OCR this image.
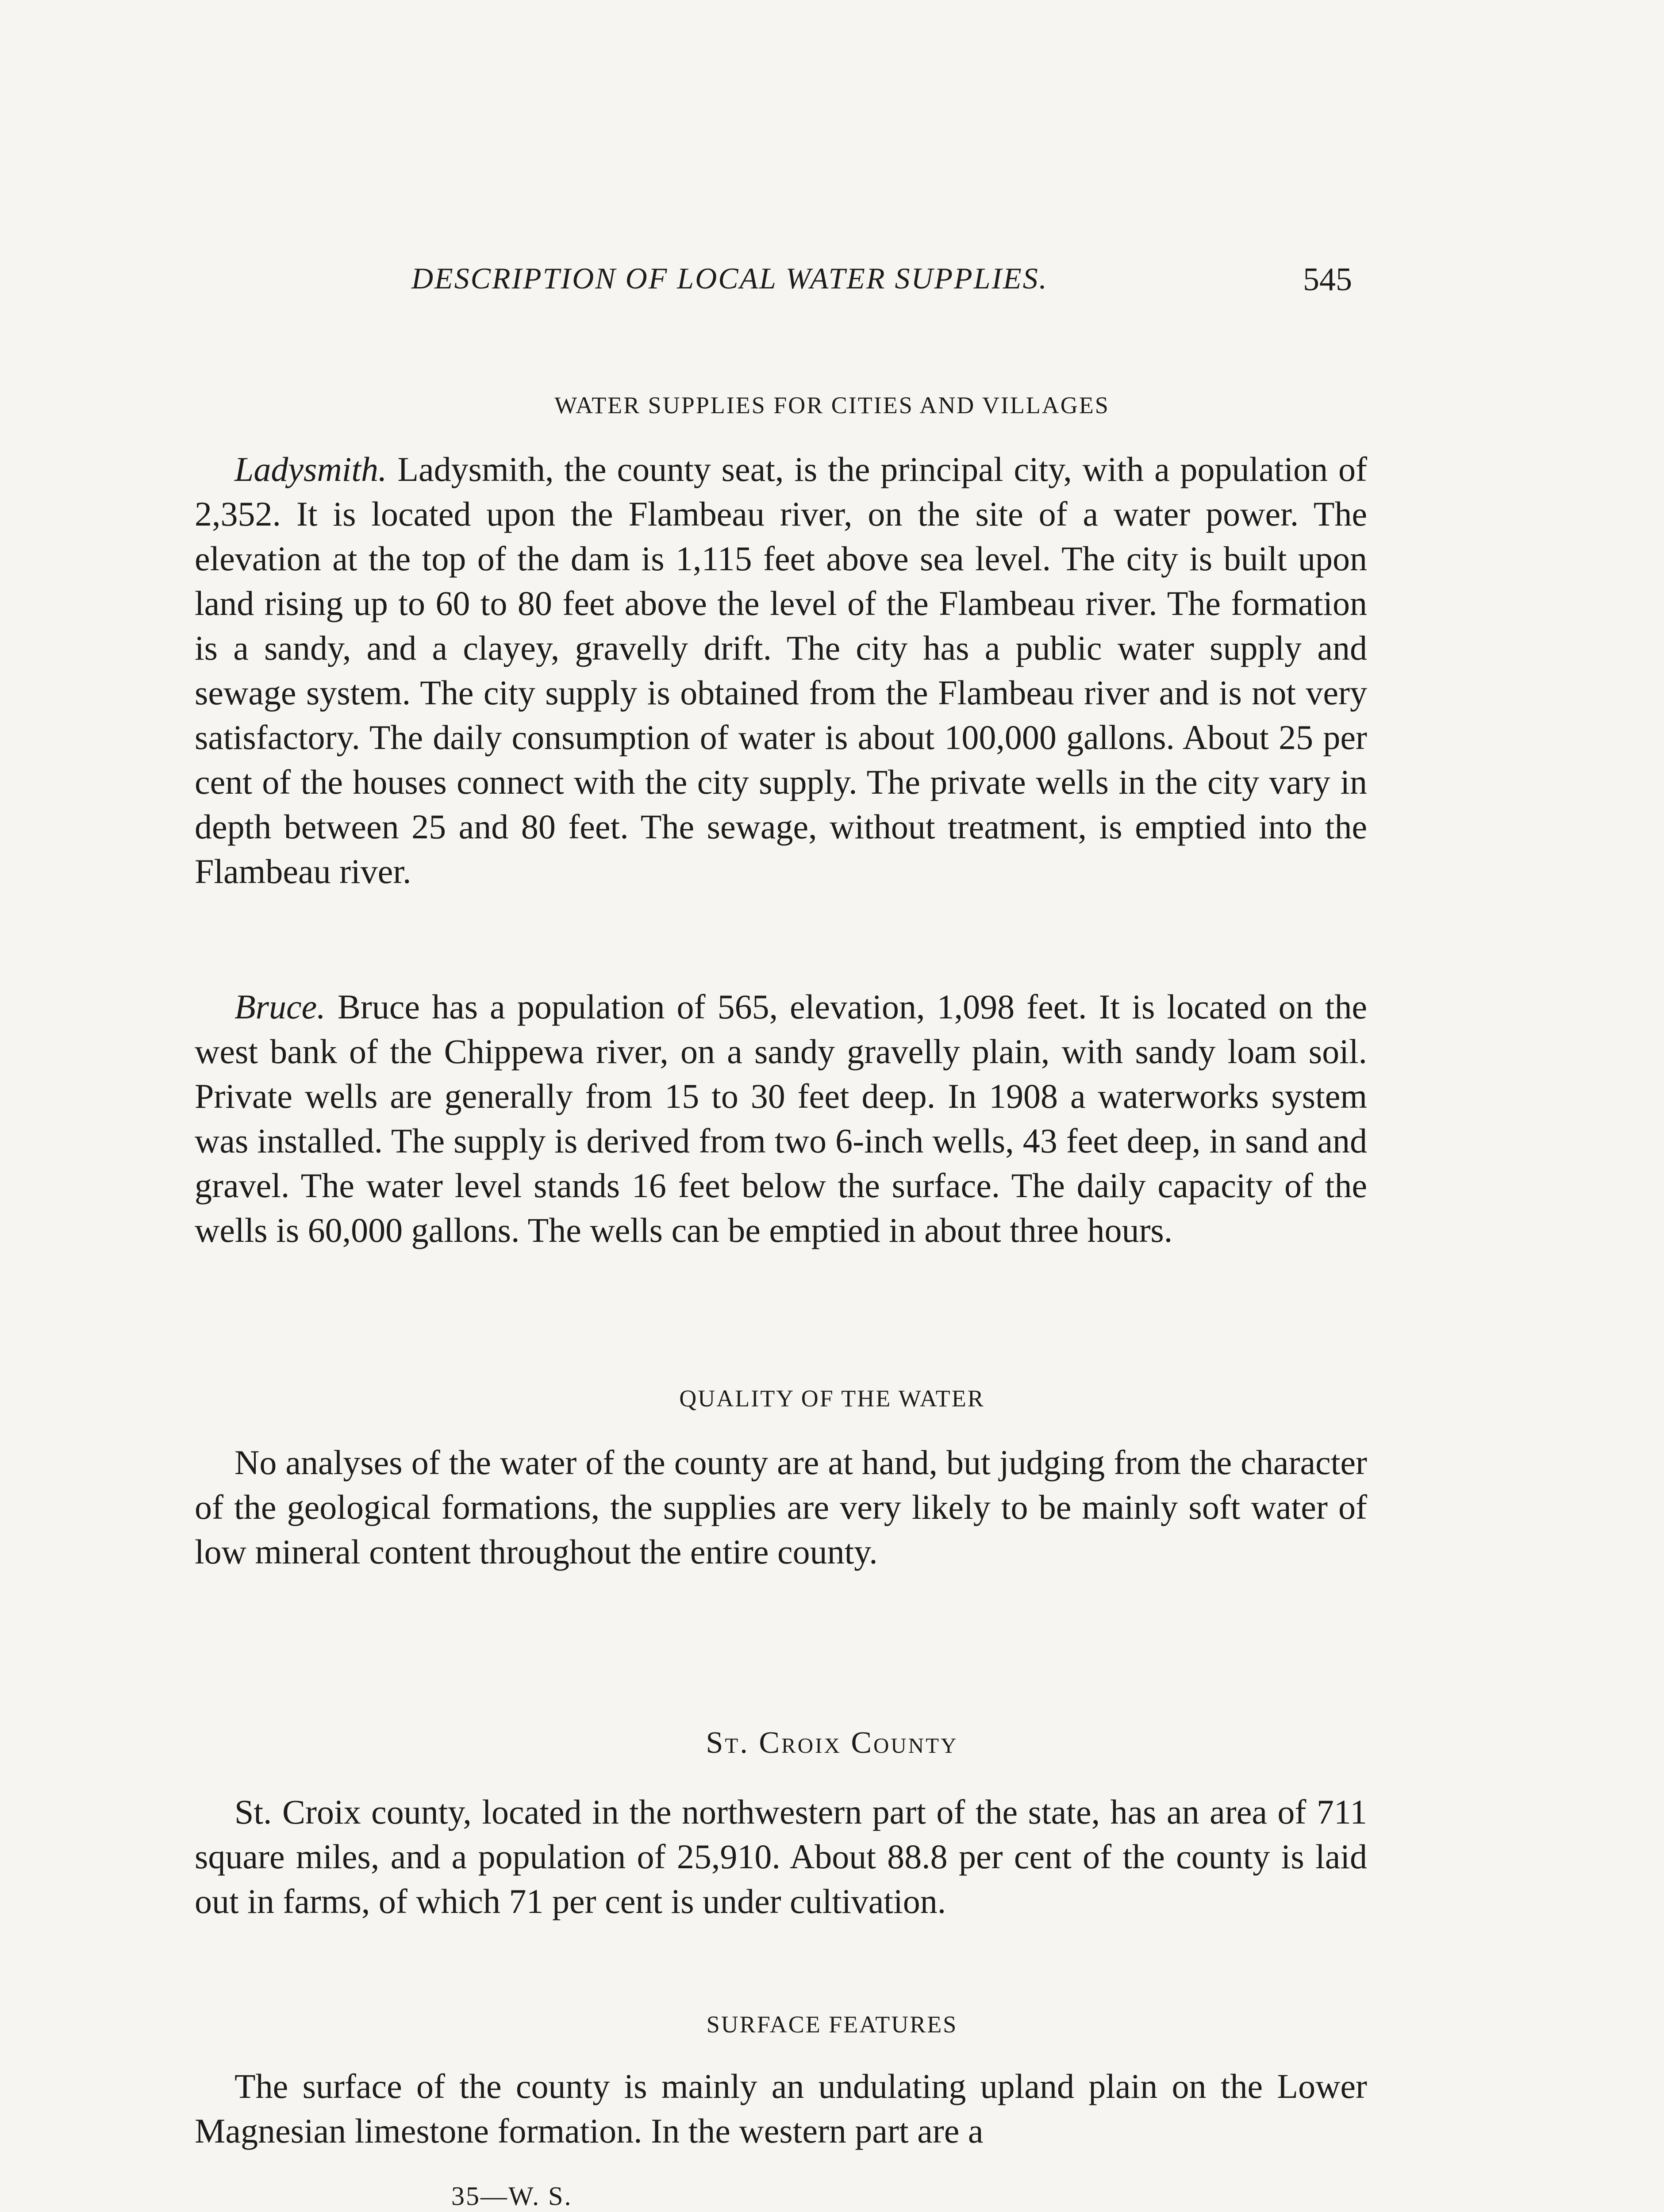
DESCRIPTION OF LOCAL WATER SUPPLIES.	545
WATER SUPPLIES FOR CITIES AND VILLAGES

Ladysmith. Ladysmith, the county seat, is the principal city, with a population of 2,352. It is located upon the Flambeau river, on the site of a water power. The elevation at the top of the dam is 1,115 feet above sea level. The city is built upon land rising up to 60 to 80 feet above the level of the Flambeau river. The formation is a sandy, and a clayey, gravelly drift. The city has a public water supply and sewage system. The city supply is obtained from the Flambeau river and is not very satisfactory. The daily consumption of water is about 100,000 gallons. About 25 per cent of the houses connect with the city supply. The private wells in the city vary in depth between 25 and 80 feet. The sewage, without treatment, is emptied into the Flambeau river.

Bruce. Bruce has a population of 565, elevation, 1,098 feet. It is located on the west bank of the Chippewa river, on a sandy gravelly plain, with sandy loam soil. Private wells are generally from 15 to 30 feet deep. In 1908 a waterworks system was installed. The supply is derived from two 6-inch wells, 43 feet deep, in sand and gravel. The water level stands 16 feet below the surface. The daily capacity of the wells is 60,000 gallons. The wells can be emptied in about three hours.

QUALITY OF THE WATER

No analyses of the water of the county are at hand, but judging from the character of the geological formations, the supplies are very likely to be mainly soft water of low mineral content throughout the entire county.

St. Croix County

St. Croix county, located in the northwestern part of the state, has an area of 711 square miles, and a population of 25,910. About 88.8 per cent of the county is laid out in farms, of which 71 per cent is under cultivation.

SURFACE FEATURES

The surface of the county is mainly an undulating upland plain on the Lower Magnesian limestone formation. In the western part are a

35—W. S.
